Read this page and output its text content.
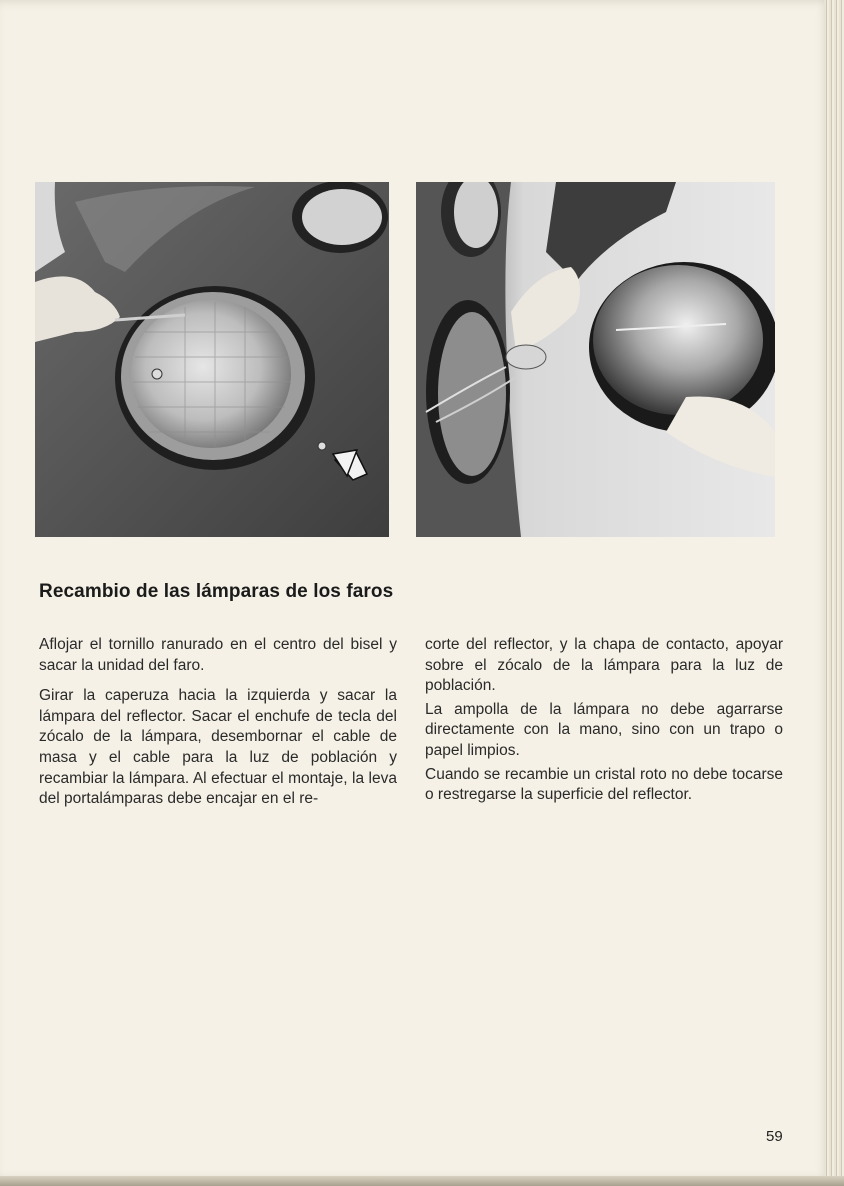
Recambio de las lámparas de los faros

Aflojar el tornillo ranurado en el centro del bisel y sacar la unidad del faro.

Girar la caperuza hacia la izquierda y sacar la lámpara del reflector. Sacar el enchufe de tecla del zócalo de la lámpara, desembornar el cable de masa y el cable para la luz de población y recambiar la lámpara. Al efectuar el montaje, la leva del portalámparas debe encajar en el re-

corte del reflector, y la chapa de contacto, apoyar sobre el zócalo de la lámpara para la luz de población.

La ampolla de la lámpara no debe agarrarse directamente con la mano, sino con un trapo o papel limpios.

Cuando se recambie un cristal roto no debe tocarse o restregarse la superficie del reflector.

59
